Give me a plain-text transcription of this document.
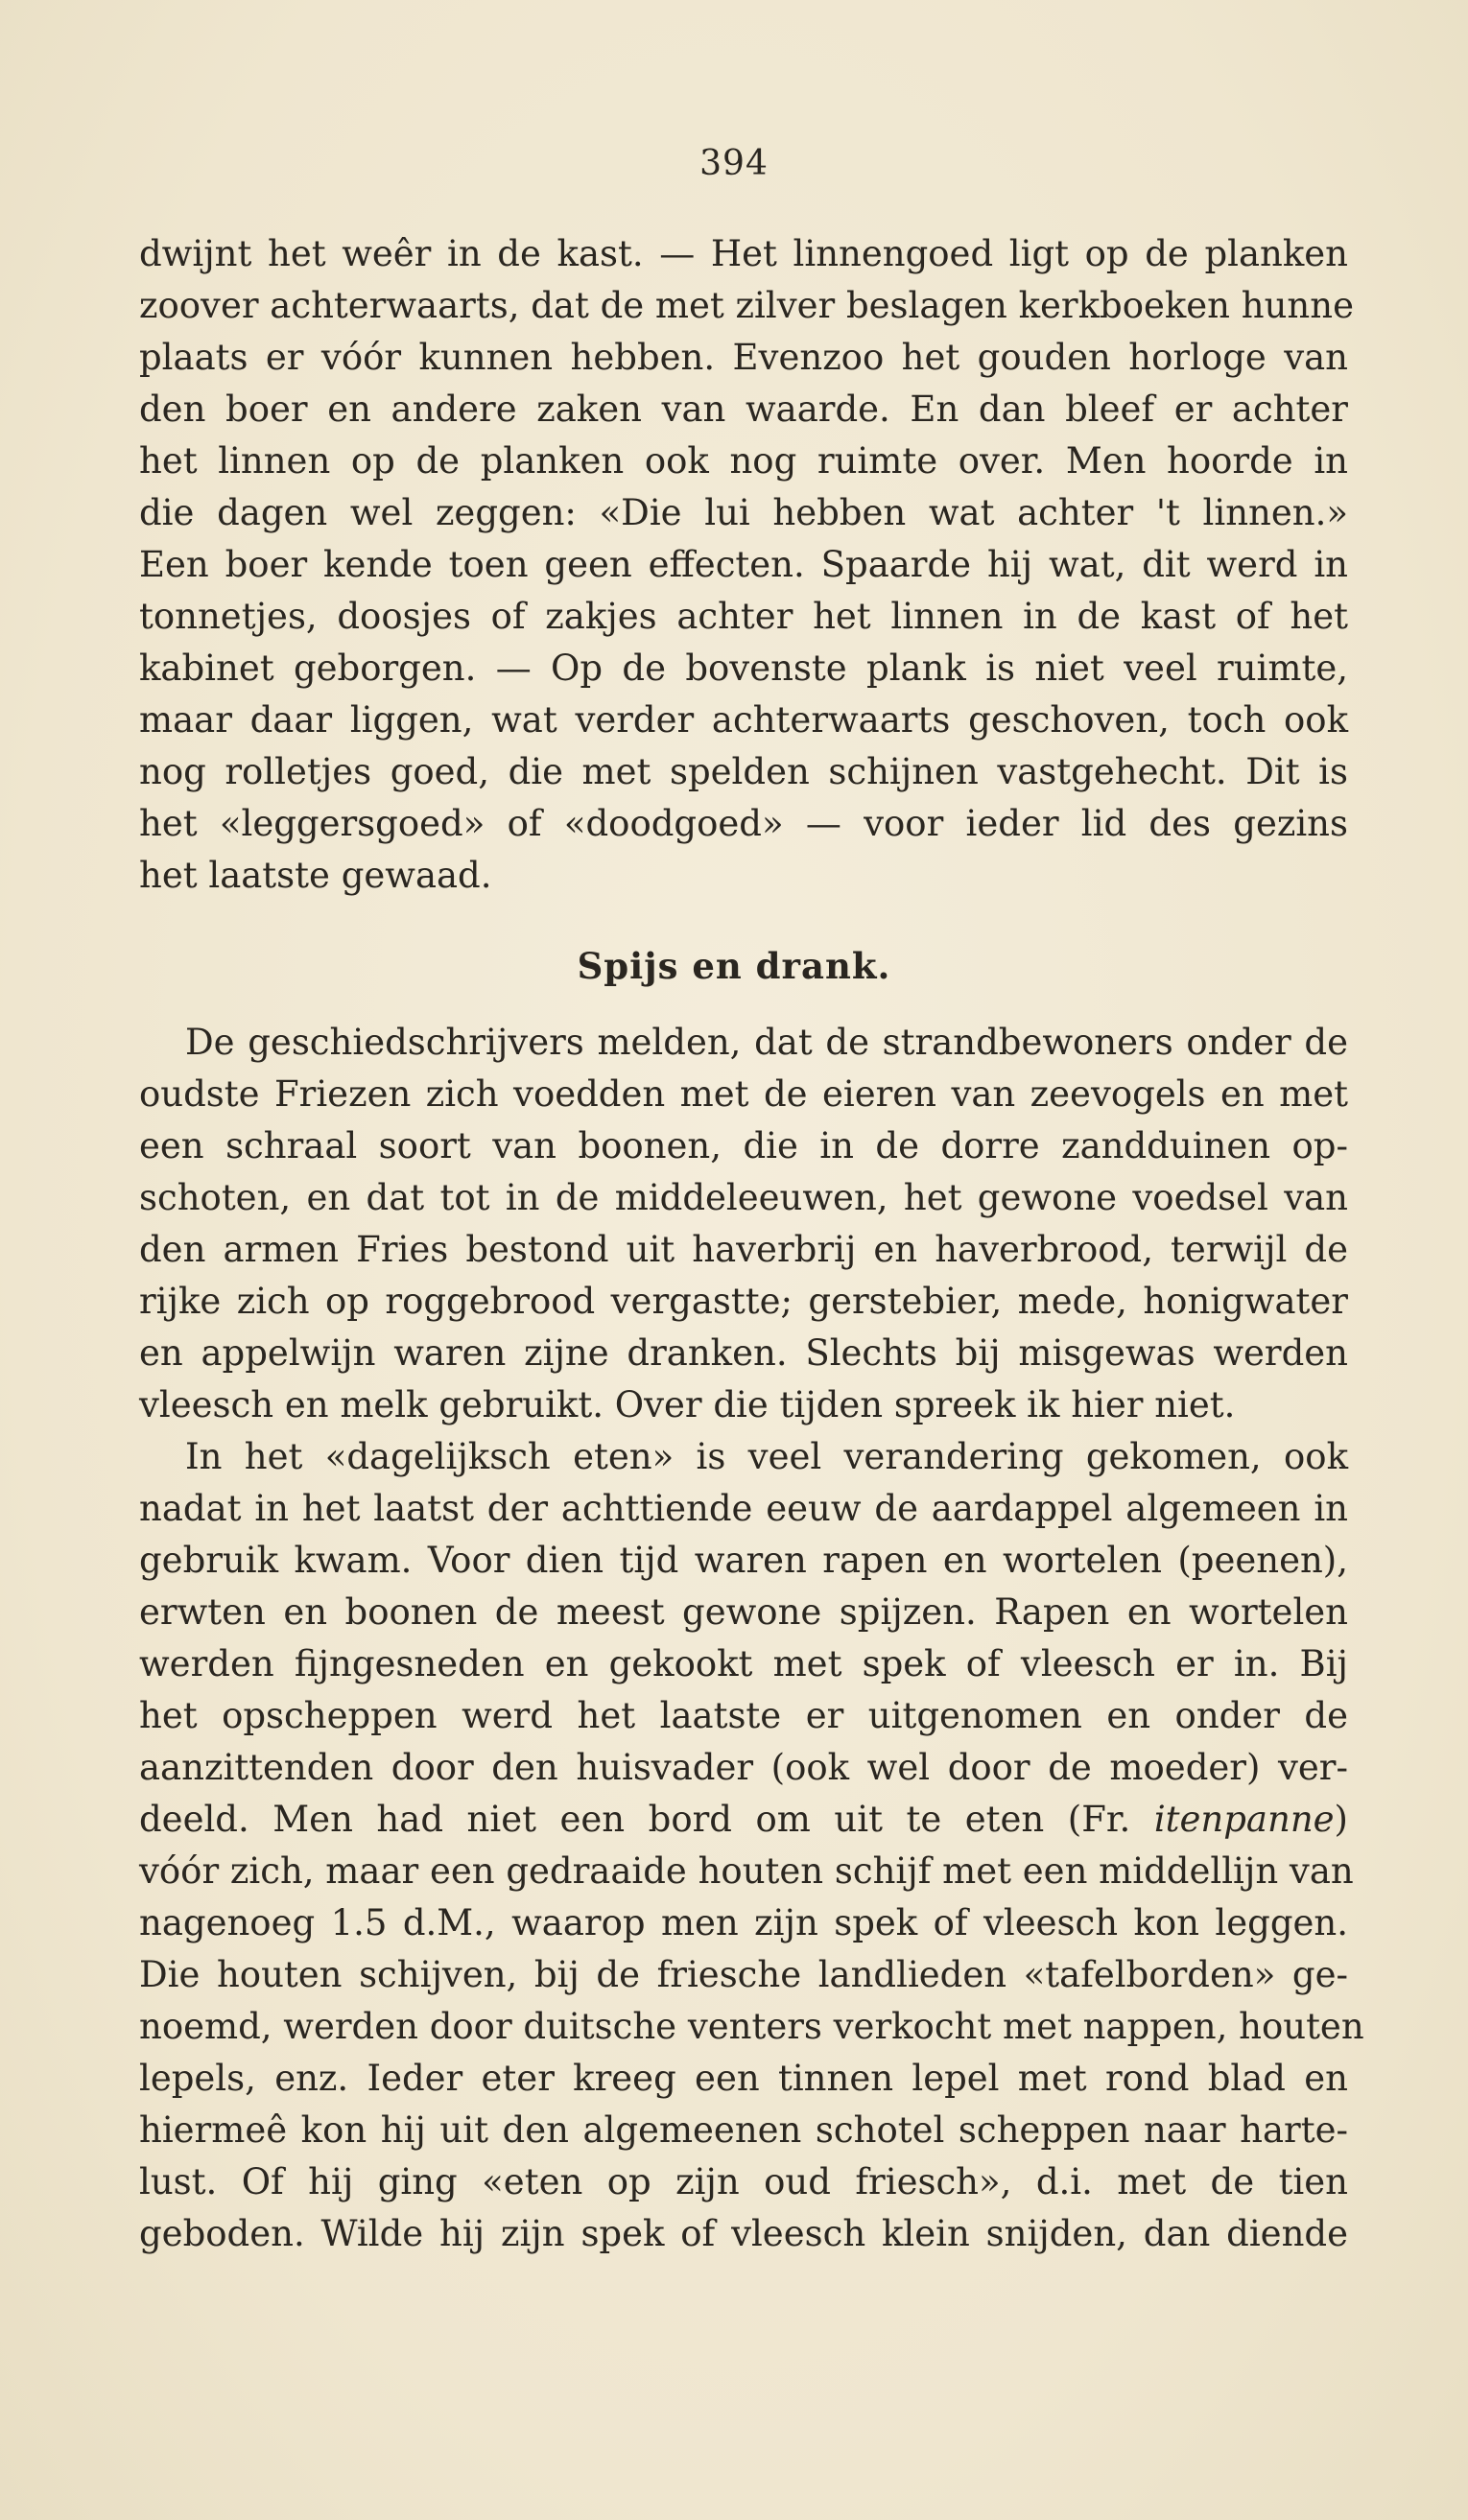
394
dwijnt het weêr in de kast. — Het linnengoed ligt op de planken
zoover achterwaarts, dat de met zilver beslagen kerkboeken hunne
plaats er vóór kunnen hebben. Evenzoo het gouden horloge van
den boer en andere zaken van waarde. En dan bleef er achter
het linnen op de planken ook nog ruimte over. Men hoorde in
die dagen wel zeggen: «Die lui hebben wat achter 't linnen.»
Een boer kende toen geen effecten. Spaarde hij wat, dit werd in
tonnetjes, doosjes of zakjes achter het linnen in de kast of het
kabinet geborgen. — Op de bovenste plank is niet veel ruimte,
maar daar liggen, wat verder achterwaarts geschoven, toch ook
nog rolletjes goed, die met spelden schijnen vastgehecht. Dit is
het «leggersgoed» of «doodgoed» — voor ieder lid des gezins
het laatste gewaad.
Spijs en drank.
De geschiedschrijvers melden, dat de strandbewoners onder de
oudste Friezen zich voedden met de eieren van zeevogels en met
een schraal soort van boonen, die in de dorre zandduinen op-
schoten, en dat tot in de middeleeuwen, het gewone voedsel van
den armen Fries bestond uit haverbrij en haverbrood, terwijl de
rijke zich op roggebrood vergastte; gerstebier, mede, honigwater
en appelwijn waren zijne dranken. Slechts bij misgewas werden
vleesch en melk gebruikt. Over die tijden spreek ik hier niet.
In het «dagelijksch eten» is veel verandering gekomen, ook
nadat in het laatst der achttiende eeuw de aardappel algemeen in
gebruik kwam. Voor dien tijd waren rapen en wortelen (peenen),
erwten en boonen de meest gewone spijzen. Rapen en wortelen
werden fijngesneden en gekookt met spek of vleesch er in. Bij
het opscheppen werd het laatste er uitgenomen en onder de
aanzittenden door den huisvader (ook wel door de moeder) ver-
deeld. Men had niet een bord om uit te eten (Fr. itenpanne)
vóór zich, maar een gedraaide houten schijf met een middellijn van
nagenoeg 1.5 d.M., waarop men zijn spek of vleesch kon leggen.
Die houten schijven, bij de friesche landlieden «tafelborden» ge-
noemd, werden door duitsche venters verkocht met nappen, houten
lepels, enz. Ieder eter kreeg een tinnen lepel met rond blad en
hiermeê kon hij uit den algemeenen schotel scheppen naar harte-
lust. Of hij ging «eten op zijn oud friesch», d.i. met de tien
geboden. Wilde hij zijn spek of vleesch klein snijden, dan diende
